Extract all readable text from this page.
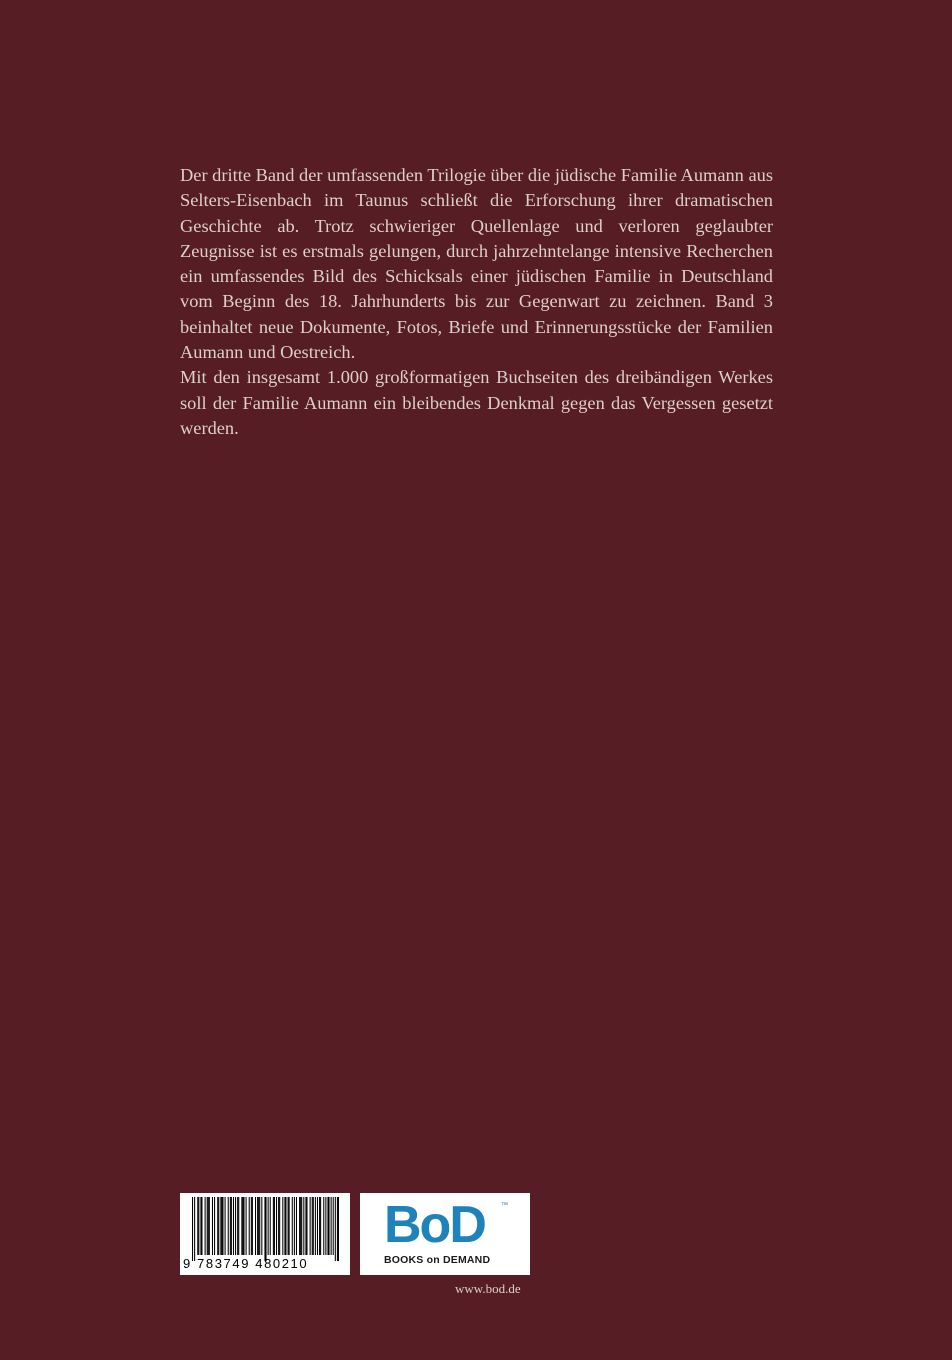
Der dritte Band der umfassenden Trilogie über die jüdische Familie Aumann aus Selters-Eisenbach im Taunus schließt die Erforschung ihrer dramatischen Geschichte ab. Trotz schwieriger Quellenlage und verloren geglaubter Zeugnisse ist es erstmals gelungen, durch jahrzehntelange intensive Recherchen ein umfassendes Bild des Schicksals einer jüdischen Familie in Deutschland vom Beginn des 18. Jahrhunderts bis zur Gegenwart zu zeichnen. Band 3 beinhaltet neue Dokumente, Fotos, Briefe und Erinnerungsstücke der Familien Aumann und Oestreich.

Mit den insgesamt 1.000 großformatigen Buchseiten des dreibändigen Werkes soll der Familie Aumann ein bleibendes Denkmal gegen das Vergessen gesetzt werden.

9 783749 480210
BoD ™
BOOKS on DEMAND
www.bod.de
